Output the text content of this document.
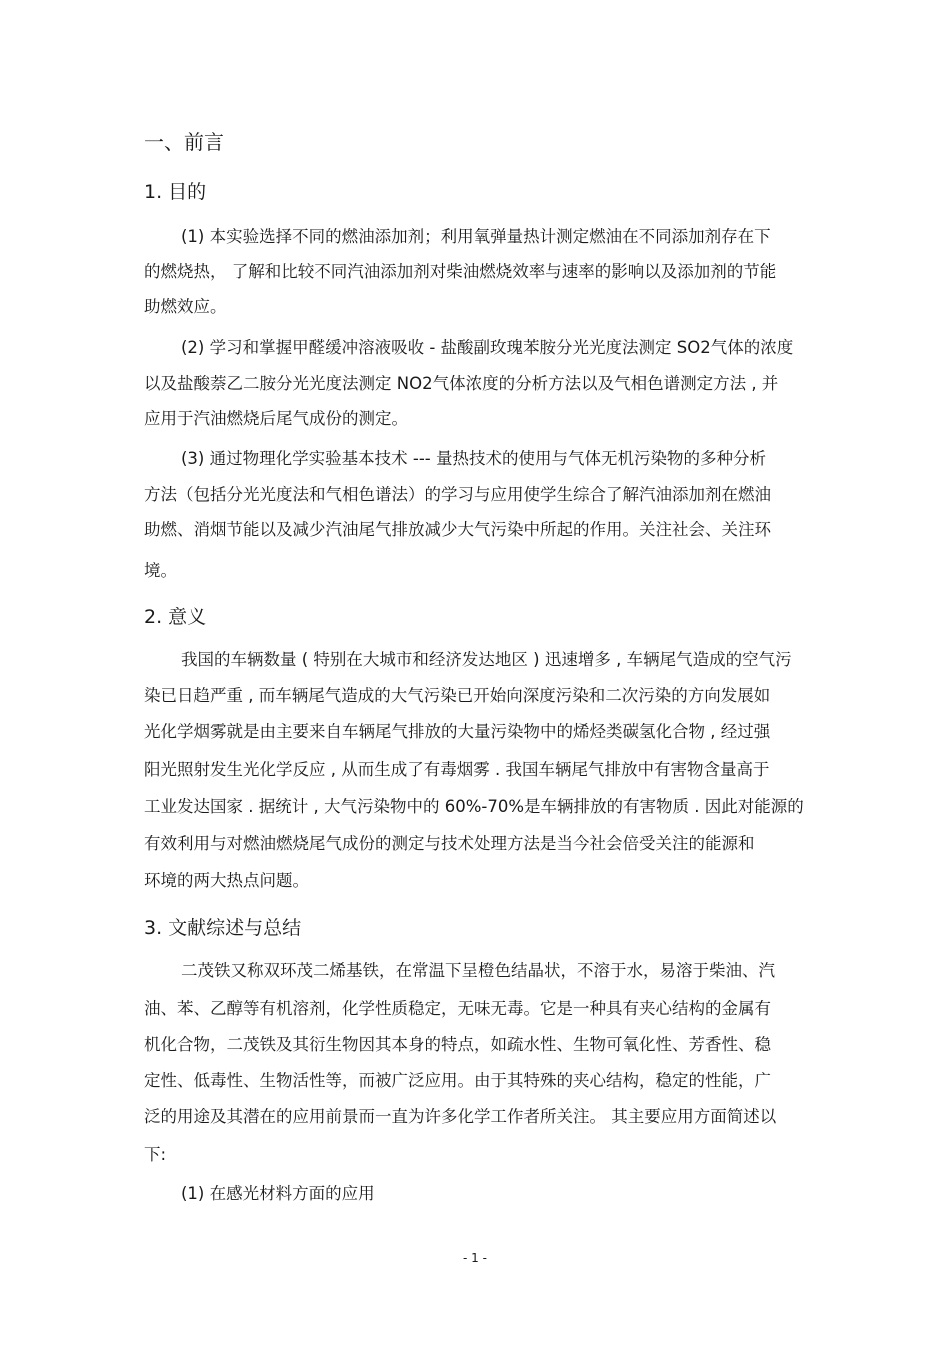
一、前言
1. 目的
(1) 本实验选择不同的燃油添加剂；利用氧弹量热计测定燃油在不同添加剂存在下
的燃烧热， 了解和比较不同汽油添加剂对柴油燃烧效率与速率的影响以及添加剂的节能
助燃效应。
(2) 学习和掌握甲醛缓冲溶液吸收 - 盐酸副玫瑰苯胺分光光度法测定 SO2气体的浓度
以及盐酸萘乙二胺分光光度法测定 NO2气体浓度的分析方法以及气相色谱测定方法 , 并
应用于汽油燃烧后尾气成份的测定。
(3) 通过物理化学实验基本技术 --- 量热技术的使用与气体无机污染物的多种分析
方法（包括分光光度法和气相色谱法）的学习与应用使学生综合了解汽油添加剂在燃油
助燃、消烟节能以及减少汽油尾气排放减少大气污染中所起的作用。关注社会、关注环
境。
2. 意义
我国的车辆数量 ( 特别在大城市和经济发达地区 ) 迅速增多 , 车辆尾气造成的空气污
染已日趋严重 , 而车辆尾气造成的大气污染已开始向深度污染和二次污染的方向发展如
光化学烟雾就是由主要来自车辆尾气排放的大量污染物中的烯烃类碳氢化合物 , 经过强
阳光照射发生光化学反应 , 从而生成了有毒烟雾 . 我国车辆尾气排放中有害物含量高于
工业发达国家 . 据统计 , 大气污染物中的 60%-70%是车辆排放的有害物质 . 因此对能源的
有效利用与对燃油燃烧尾气成份的测定与技术处理方法是当今社会倍受关注的能源和
环境的两大热点问题。
3. 文献综述与总结
二茂铁又称双环茂二烯基铁，在常温下呈橙色结晶状，不溶于水，易溶于柴油、汽
油、苯、乙醇等有机溶剂，化学性质稳定，无味无毒。它是一种具有夹心结构的金属有
机化合物，二茂铁及其衍生物因其本身的特点，如疏水性、生物可氧化性、芳香性、稳
定性、低毒性、生物活性等，而被广泛应用。由于其特殊的夹心结构，稳定的性能，广
泛的用途及其潜在的应用前景而一直为许多化学工作者所关注。 其主要应用方面简述以
下:
(1) 在感光材料方面的应用
- 1 -
